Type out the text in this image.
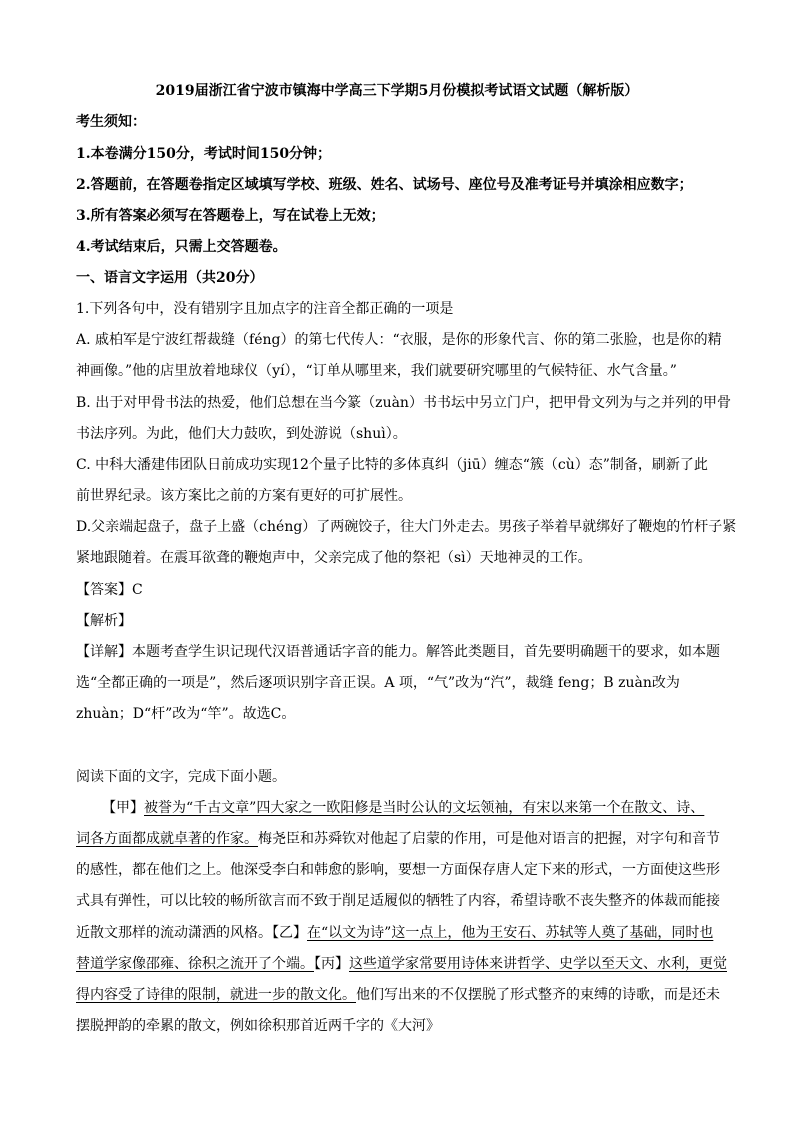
2019届浙江省宁波市镇海中学高三下学期5月份模拟考试语文试题（解析版）
考生须知：
1.本卷满分150分，考试时间150分钟；
2.答题前，在答题卷指定区域填写学校、班级、姓名、试场号、座位号及准考证号并填涂相应数字；
3.所有答案必须写在答题卷上，写在试卷上无效；
4.考试结束后，只需上交答题卷。
一、语言文字运用（共20分）
1.下列各句中，没有错别字且加点字的注音全都正确的一项是
A. 戚柏军是宁波红帮裁缝（féng）的第七代传人：“衣服，是你的形象代言、你的第二张脸，也是你的精
神画像。”他的店里放着地球仪（yí），“订单从哪里来，我们就要研究哪里的气候特征、水气含量。”
B. 出于对甲骨书法的热爱，他们总想在当今篆（zuàn）书书坛中另立门户，把甲骨文列为与之并列的甲骨
书法序列。为此，他们大力鼓吹，到处游说（shuì）。
C. 中科大潘建伟团队日前成功实现12个量子比特的多体真纠（jiū）缠态“簇（cù）态”制备，刷新了此
前世界纪录。该方案比之前的方案有更好的可扩展性。
D.父亲端起盘子，盘子上盛（chéng）了两碗饺子，往大门外走去。男孩子举着早就绑好了鞭炮的竹杆子紧
紧地跟随着。在震耳欲聋的鞭炮声中，父亲完成了他的祭祀（sì）天地神灵的工作。
【答案】C
【解析】
【详解】本题考查学生识记现代汉语普通话字音的能力。解答此类题目，首先要明确题干的要求，如本题
选“全都正确的一项是”，然后逐项识别字音正误。A 项，“气”改为“汽”，裁缝 feng；B zuàn改为
zhuàn；D“杆”改为“竿”。故选C。
阅读下面的文字，完成下面小题。
【甲】被誉为“千古文章”四大家之一欧阳修是当时公认的文坛领袖，有宋以来第一个在散文、诗、
词各方面都成就卓著的作家。梅尧臣和苏舜钦对他起了启蒙的作用，可是他对语言的把握，对字句和音节
的感性，都在他们之上。他深受李白和韩愈的影响，要想一方面保存唐人定下来的形式，一方面使这些形
式具有弹性，可以比较的畅所欲言而不致于削足适履似的牺牲了内容，希望诗歌不丧失整齐的体裁而能接
近散文那样的流动潇洒的风格。【乙】在“以文为诗”这一点上，他为王安石、苏轼等人奠了基础，同时也
替道学家像邵雍、徐积之流开了个端。【丙】这些道学家常要用诗体来讲哲学、史学以至天文、水利，更觉
得内容受了诗律的限制，就进一步的散文化。他们写出来的不仅摆脱了形式整齐的束缚的诗歌，而是还未
摆脱押韵的牵累的散文，例如徐积那首近两千字的《大河》
